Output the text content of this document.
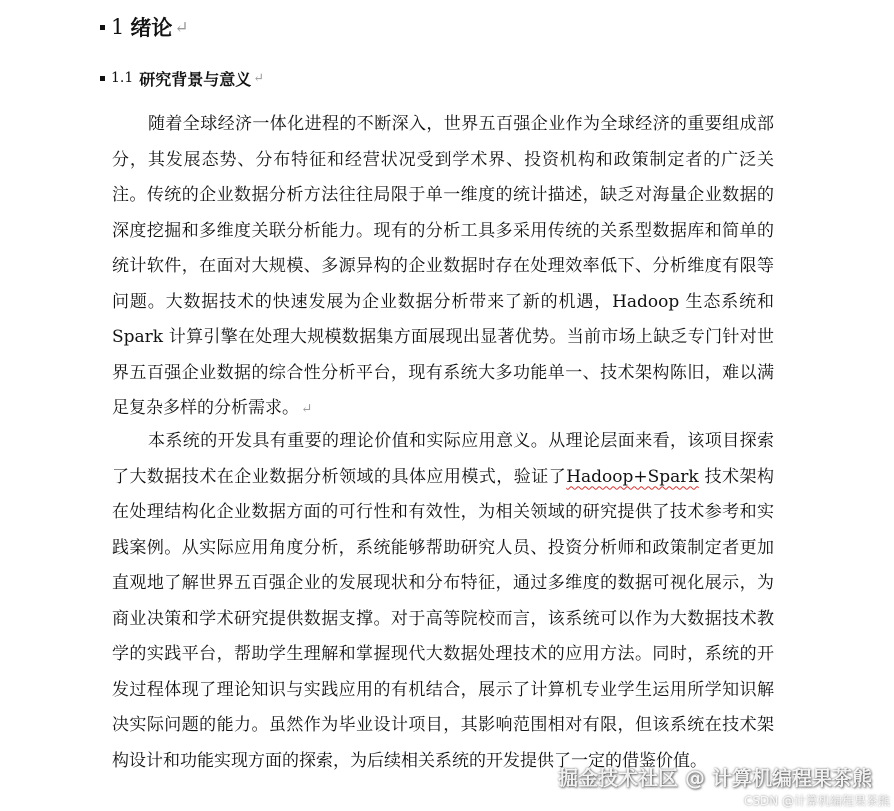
1 绪论 ↵
1.1 研究背景与意义 ↵

随着全球经济一体化进程的不断深入，世界五百强企业作为全球经济的重要组成部分，其发展态势、分布特征和经营状况受到学术界、投资机构和政策制定者的广泛关注。传统的企业数据分析方法往往局限于单一维度的统计描述，缺乏对海量企业数据的深度挖掘和多维度关联分析能力。现有的分析工具多采用传统的关系型数据库和简单的统计软件，在面对大规模、多源异构的企业数据时存在处理效率低下、分析维度有限等问题。大数据技术的快速发展为企业数据分析带来了新的机遇，Hadoop 生态系统和 Spark 计算引擎在处理大规模数据集方面展现出显著优势。当前市场上缺乏专门针对世界五百强企业数据的综合性分析平台，现有系统大多功能单一、技术架构陈旧，难以满足复杂多样的分析需求。 ↵

本系统的开发具有重要的理论价值和实际应用意义。从理论层面来看，该项目探索了大数据技术在企业数据分析领域的具体应用模式，验证了Hadoop+Spark 技术架构在处理结构化企业数据方面的可行性和有效性，为相关领域的研究提供了技术参考和实践案例。从实际应用角度分析，系统能够帮助研究人员、投资分析师和政策制定者更加直观地了解世界五百强企业的发展现状和分布特征，通过多维度的数据可视化展示，为商业决策和学术研究提供数据支撑。对于高等院校而言，该系统可以作为大数据技术教学的实践平台，帮助学生理解和掌握现代大数据处理技术的应用方法。同时，系统的开发过程体现了理论知识与实践应用的有机结合，展示了计算机专业学生运用所学知识解决实际问题的能力。虽然作为毕业设计项目，其影响范围相对有限，但该系统在技术架构设计和功能实现方面的探索，为后续相关系统的开发提供了一定的借鉴价值。

掘金技术社区 @ 计算机编程果茶熊
CSDN @计算机编程果茶熊
